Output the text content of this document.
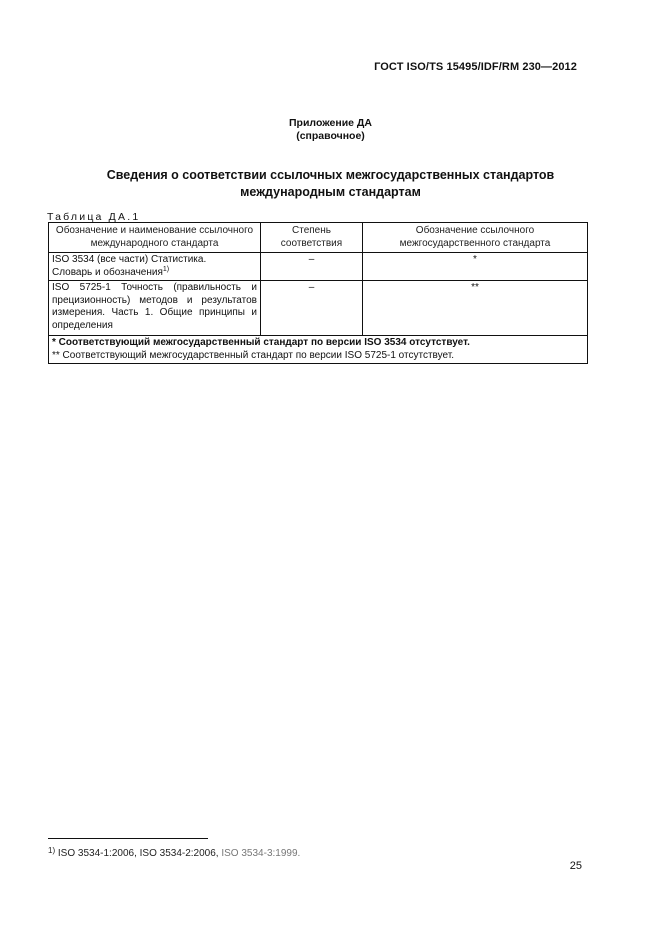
ГОСТ ISO/TS 15495/IDF/RM 230—2012
Приложение ДА
(справочное)
Сведения о соответствии ссылочных межгосударственных стандартов
международным стандартам
Таблица ДА.1
Обозначение и наименование ссылочного международного стандарта	Степень соответствия	Обозначение ссылочного межгосударственного стандарта

ISO 3534 (все части) Статистика.
Словарь и обозначения$^{1)}$	–	*
ISO 5725-1 Точность (правильность и прецизионность) методов и результатов измерения. Часть 1. Общие принципы и определения	–	**

* Соответствующий межгосударственный стандарт по версии ISO 3534 отсутствует.
** Соответствующий межгосударственный стандарт по версии ISO 5725-1 отсутствует.		
$^{1)}$ ISO 3534-1:2006, ISO 3534-2:2006, ISO 3534-3:1999.
25
